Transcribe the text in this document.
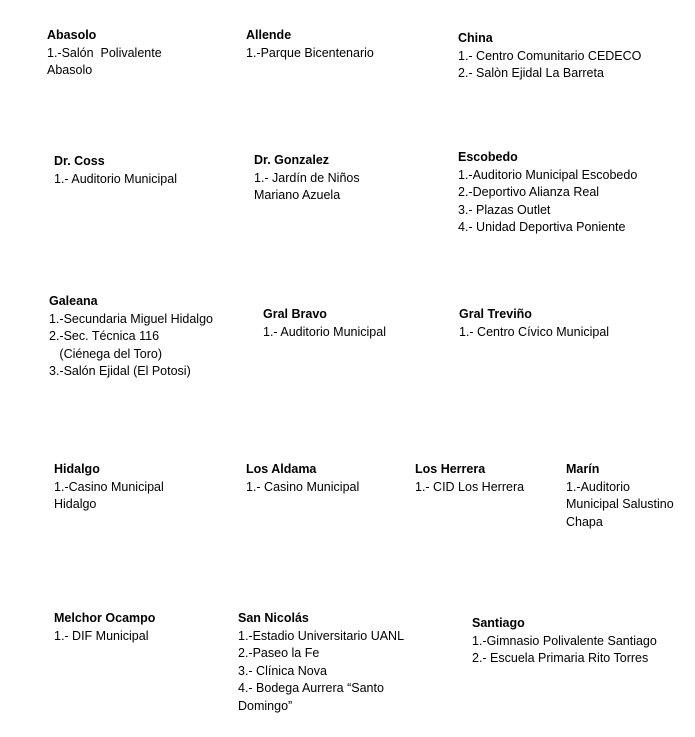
Abasolo
1.-Salón  Polivalente
Abasolo
Allende
1.-Parque Bicentenario
China
1.- Centro Comunitario CEDECO
2.- Salòn Ejidal La Barreta
Dr. Coss
1.- Auditorio Municipal
Dr. Gonzalez
1.- Jardín de Niños
Mariano Azuela
Escobedo
1.-Auditorio Municipal Escobedo
2.-Deportivo Alianza Real
3.- Plazas Outlet
4.- Unidad Deportiva Poniente
Galeana
1.-Secundaria Miguel Hidalgo
2.-Sec. Técnica 116
(Ciénega del Toro)
3.-Salón Ejidal (El Potosi)
Gral Bravo
1.- Auditorio Municipal
Gral Treviño
1.- Centro Cívico Municipal
Hidalgo
1.-Casino Municipal
Hidalgo
Los Aldama
1.- Casino Municipal
Los Herrera
1.- CID Los Herrera
Marín
1.-Auditorio
Municipal Salustino
Chapa
Melchor Ocampo
1.- DIF Municipal
San Nicolás
1.-Estadio Universitario UANL
2.-Paseo la Fe
3.- Clínica Nova
4.- Bodega Aurrera “Santo
Domingo”
Santiago
1.-Gimnasio Polivalente Santiago
2.- Escuela Primaria Rito Torres
